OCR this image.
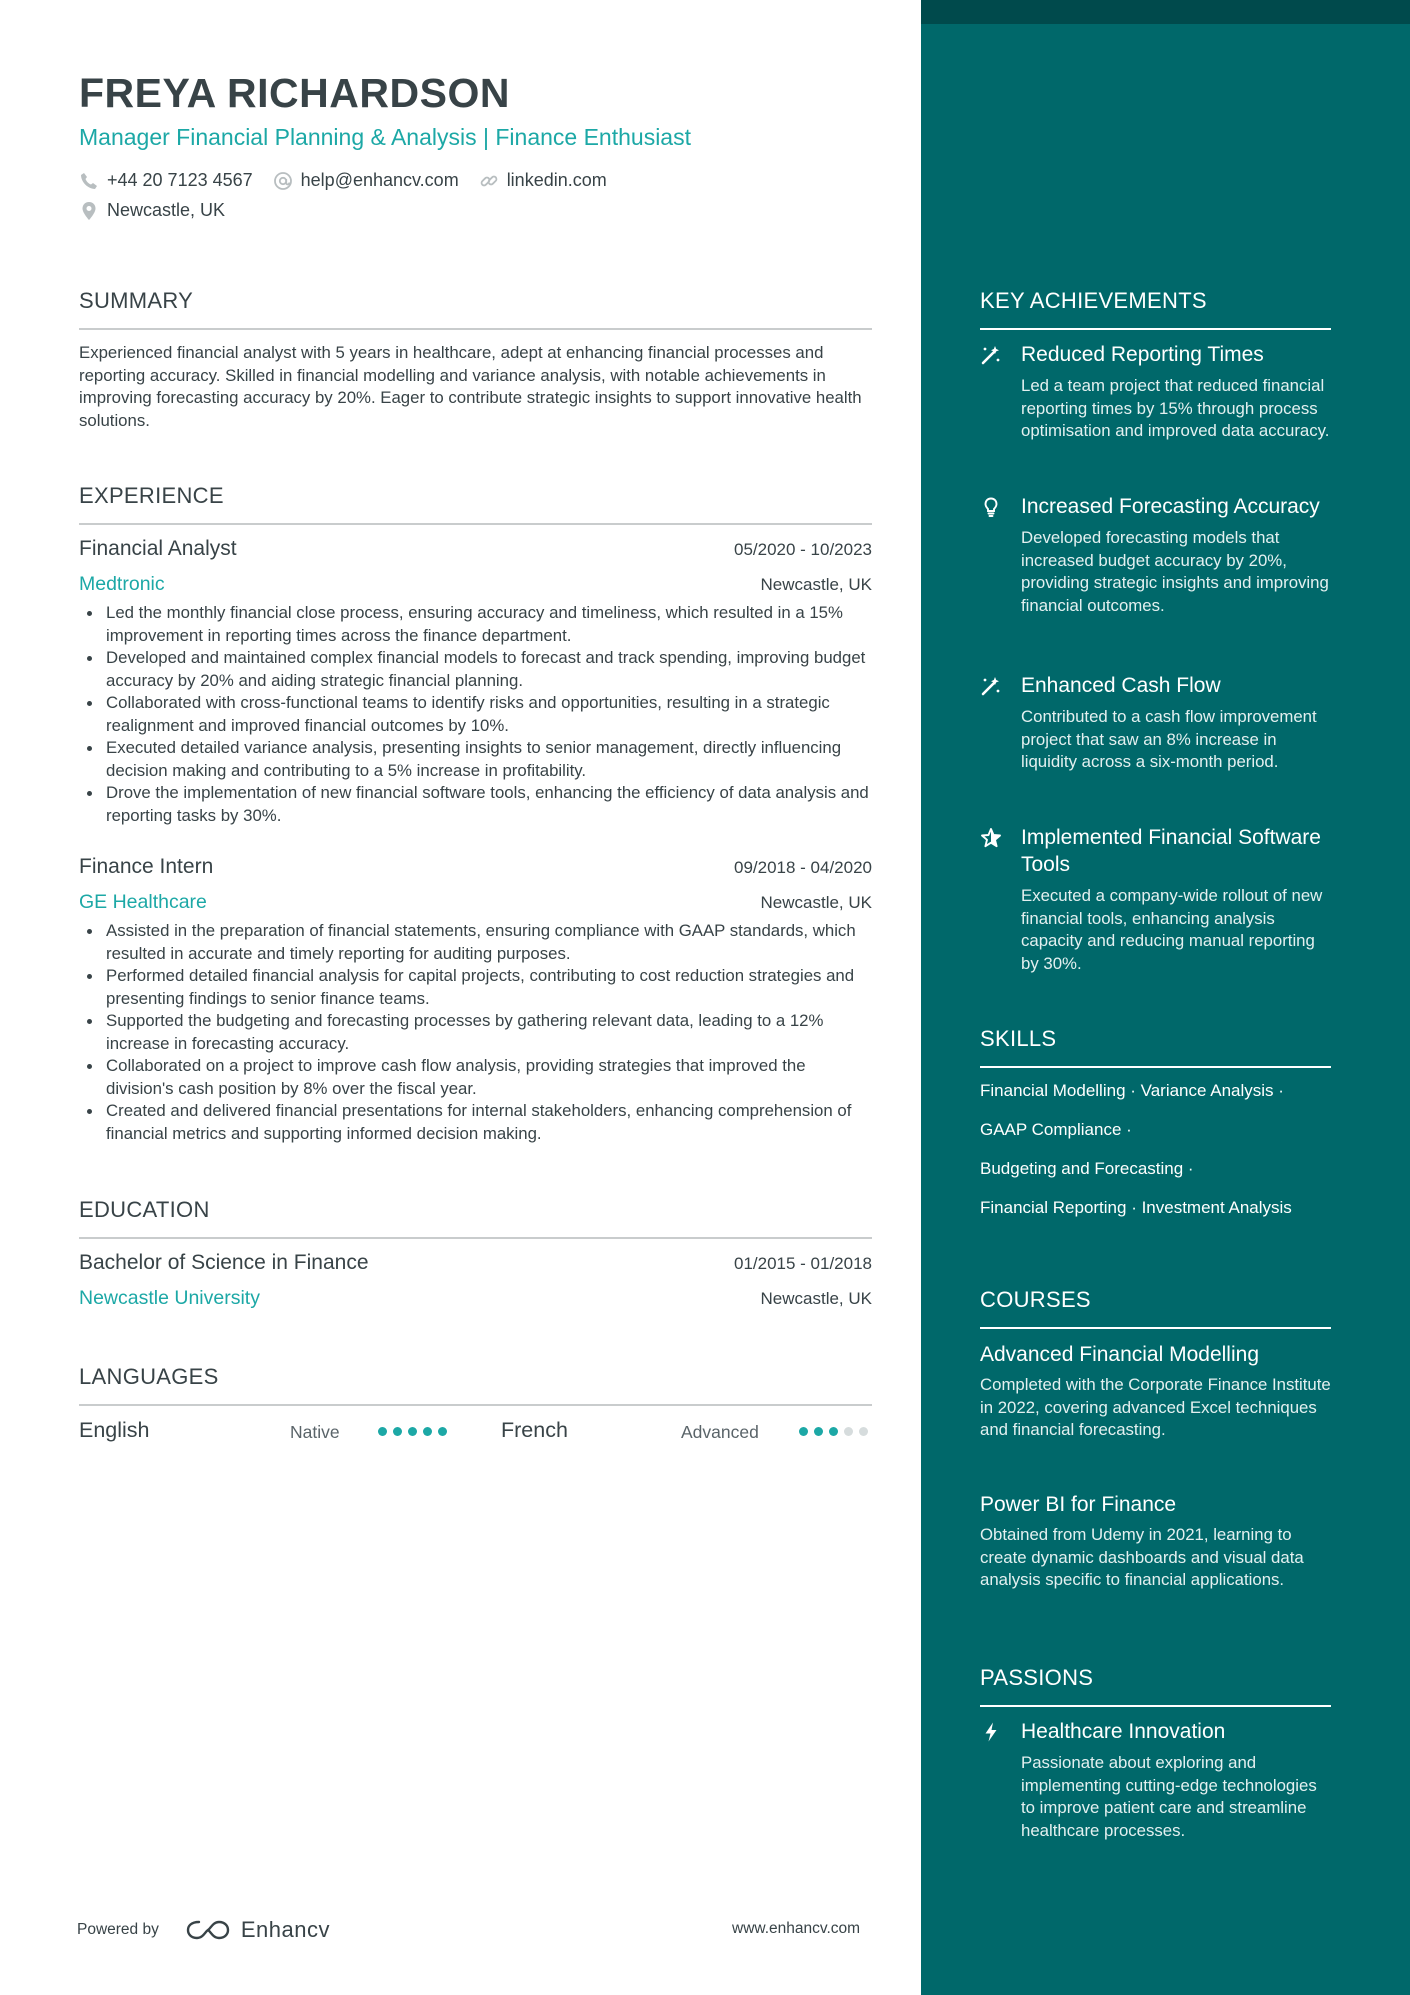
FREYA RICHARDSON
Manager Financial Planning & Analysis | Finance Enthusiast
+44 20 7123 4567	help@enhancv.com	linkedin.com
Newcastle, UK
SUMMARY
Experienced financial analyst with 5 years in healthcare, adept at enhancing financial processes and reporting accuracy. Skilled in financial modelling and variance analysis, with notable achievements in improving forecasting accuracy by 20%. Eager to contribute strategic insights to support innovative health solutions.
EXPERIENCE
Financial Analyst	05/2020 - 10/2023
Medtronic	Newcastle, UK
Led the monthly financial close process, ensuring accuracy and timeliness, which resulted in a 15% improvement in reporting times across the finance department.
Developed and maintained complex financial models to forecast and track spending, improving budget accuracy by 20% and aiding strategic financial planning.
Collaborated with cross-functional teams to identify risks and opportunities, resulting in a strategic realignment and improved financial outcomes by 10%.
Executed detailed variance analysis, presenting insights to senior management, directly influencing decision making and contributing to a 5% increase in profitability.
Drove the implementation of new financial software tools, enhancing the efficiency of data analysis and reporting tasks by 30%.
Finance Intern	09/2018 - 04/2020
GE Healthcare	Newcastle, UK
Assisted in the preparation of financial statements, ensuring compliance with GAAP standards, which resulted in accurate and timely reporting for auditing purposes.
Performed detailed financial analysis for capital projects, contributing to cost reduction strategies and presenting findings to senior finance teams.
Supported the budgeting and forecasting processes by gathering relevant data, leading to a 12% increase in forecasting accuracy.
Collaborated on a project to improve cash flow analysis, providing strategies that improved the division's cash position by 8% over the fiscal year.
Created and delivered financial presentations for internal stakeholders, enhancing comprehension of financial metrics and supporting informed decision making.
EDUCATION
Bachelor of Science in Finance	01/2015 - 01/2018
Newcastle University	Newcastle, UK
LANGUAGES
English	Native	French	Advanced
Powered by	Enhancv	www.enhancv.com
KEY ACHIEVEMENTS
Reduced Reporting Times
Led a team project that reduced financial reporting times by 15% through process optimisation and improved data accuracy.
Increased Forecasting Accuracy
Developed forecasting models that increased budget accuracy by 20%, providing strategic insights and improving financial outcomes.
Enhanced Cash Flow
Contributed to a cash flow improvement project that saw an 8% increase in liquidity across a six-month period.
Implemented Financial Software Tools
Executed a company-wide rollout of new financial tools, enhancing analysis capacity and reducing manual reporting by 30%.
SKILLS
Financial Modelling · Variance Analysis ·
GAAP Compliance ·
Budgeting and Forecasting ·
Financial Reporting · Investment Analysis
COURSES
Advanced Financial Modelling
Completed with the Corporate Finance Institute in 2022, covering advanced Excel techniques and financial forecasting.
Power BI for Finance
Obtained from Udemy in 2021, learning to create dynamic dashboards and visual data analysis specific to financial applications.
PASSIONS
Healthcare Innovation
Passionate about exploring and implementing cutting-edge technologies to improve patient care and streamline healthcare processes.
